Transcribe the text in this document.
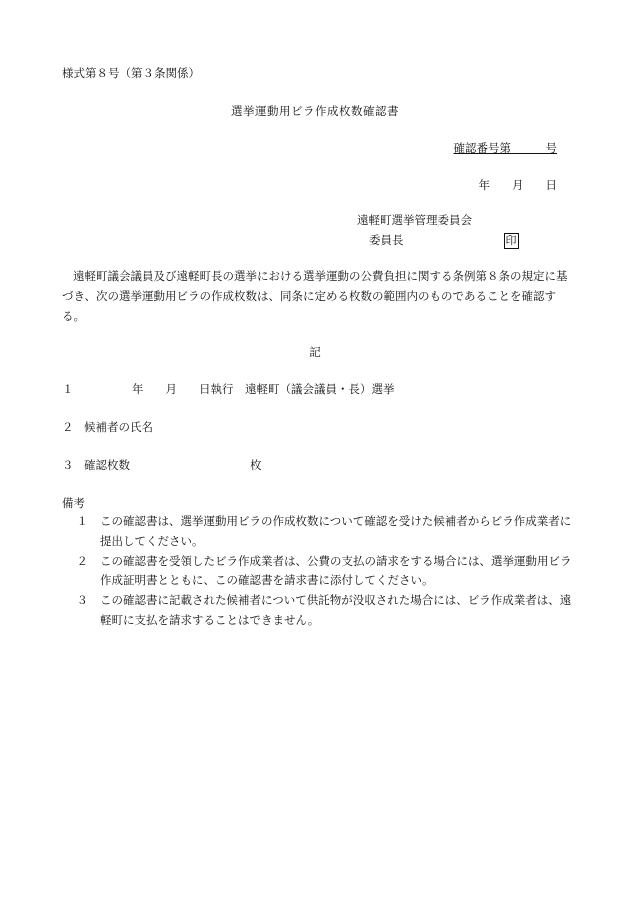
様式第８号（第３条関係）
選挙運動用ビラ作成枚数確認書
確認番号第　　　号
年 月 日
遠軽町選挙管理委員会
委員長	印
遠軽町議会議員及び遠軽町長の選挙における選挙運動の公費負担に関する条例第８条の規定に基づき、次の選挙運動用ビラの作成枚数は、同条に定める枚数の範囲内のものであることを確認する。
記
１	年 月 日執行　 遠軽町（議会議員・長）選挙
２ 候補者の氏名
３ 確認枚数	枚
備考
１	この確認書は、選挙運動用ビラの作成枚数について確認を受けた候補者からビラ作成業者に提出してください。
２	この確認書を受領したビラ作成業者は、公費の支払の請求をする場合には、選挙運動用ビラ作成証明書とともに、この確認書を請求書に添付してください。
３	この確認書に記載された候補者について供託物が没収された場合には、ビラ作成業者は、遠軽町に支払を請求することはできません。
